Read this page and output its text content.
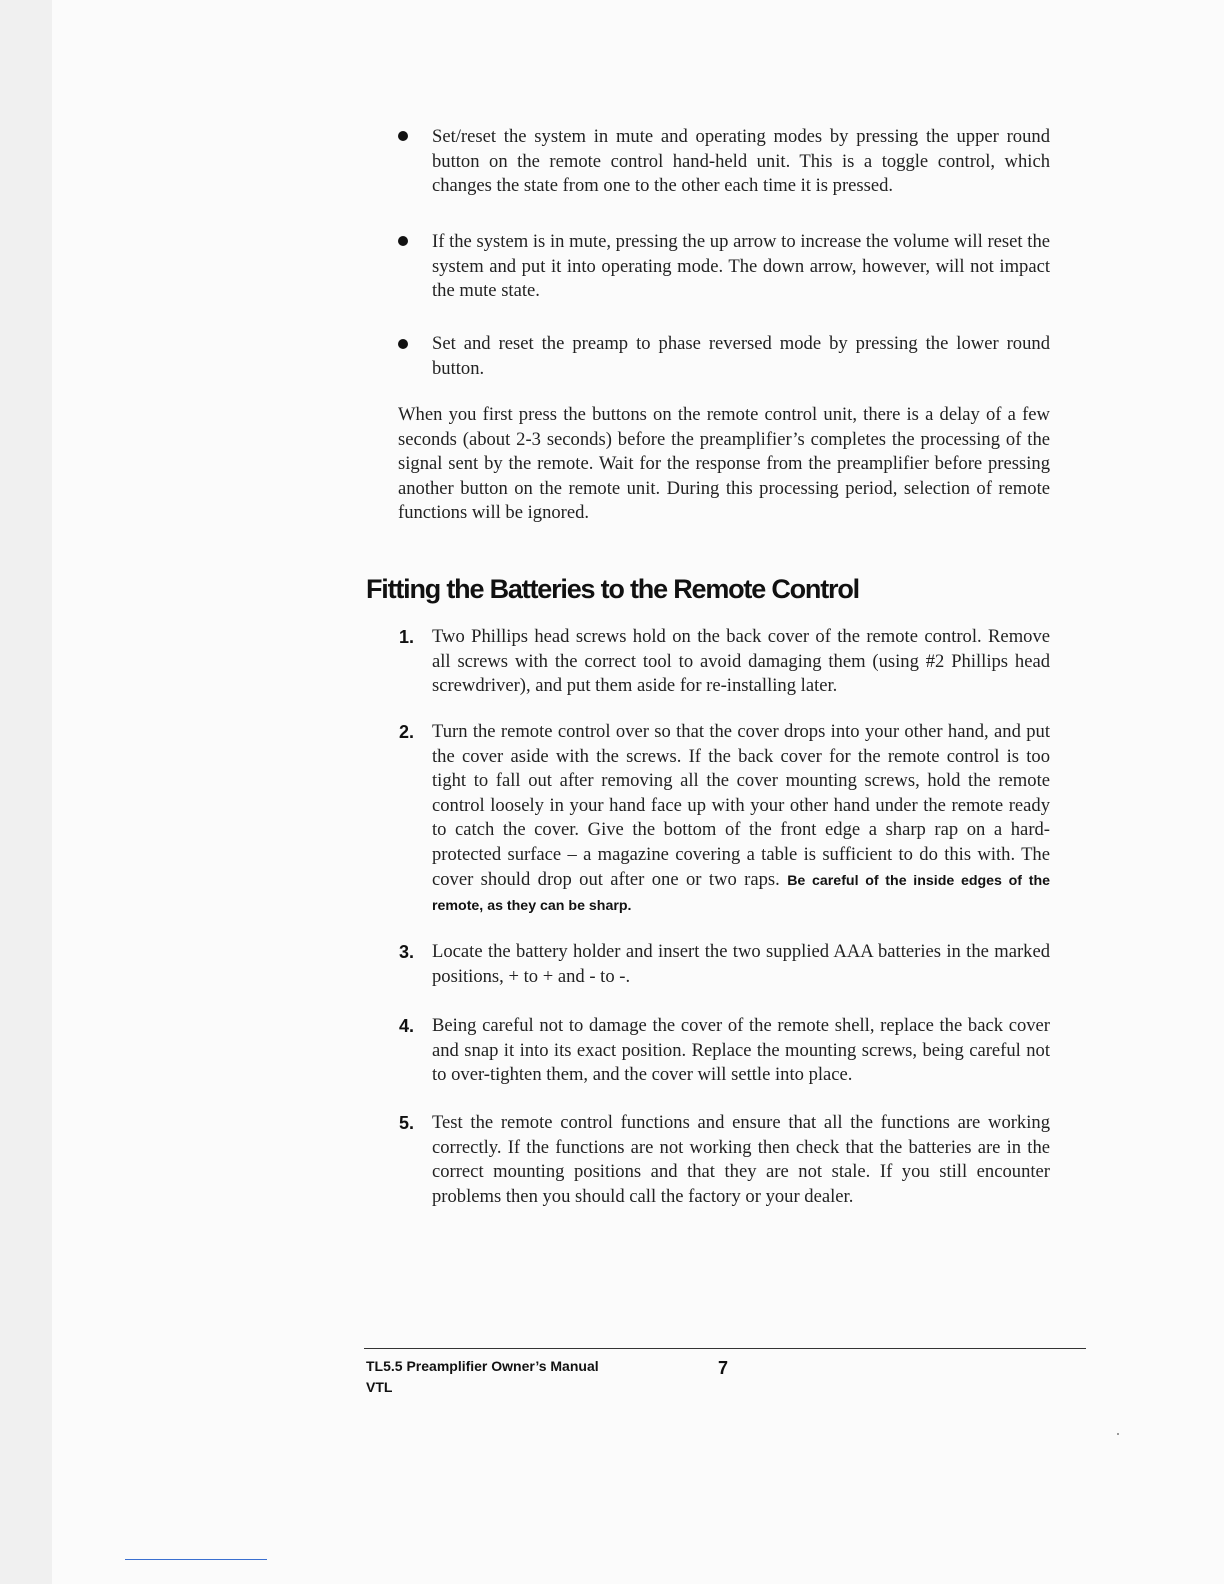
Set/reset the system in mute and operating modes by pressing the upper round button on the remote control hand-held unit. This is a toggle control, which changes the state from one to the other each time it is pressed.
If the system is in mute, pressing the up arrow to increase the volume will reset the system and put it into operating mode. The down arrow, however, will not impact the mute state.
Set and reset the preamp to phase reversed mode by pressing the lower round button.
When you first press the buttons on the remote control unit, there is a delay of a few seconds (about 2-3 seconds) before the preamplifier’s completes the processing of the signal sent by the remote. Wait for the response from the preamplifier before pressing another button on the remote unit. During this processing period, selection of remote functions will be ignored.
Fitting the Batteries to the Remote Control
1. Two Phillips head screws hold on the back cover of the remote control. Remove all screws with the correct tool to avoid damaging them (using #2 Phillips head screwdriver), and put them aside for re-installing later.
2. Turn the remote control over so that the cover drops into your other hand, and put the cover aside with the screws. If the back cover for the remote control is too tight to fall out after removing all the cover mounting screws, hold the remote control loosely in your hand face up with your other hand under the remote ready to catch the cover. Give the bottom of the front edge a sharp rap on a hard-protected surface – a magazine covering a table is sufficient to do this with. The cover should drop out after one or two raps. Be careful of the inside edges of the remote, as they can be sharp.
3. Locate the battery holder and insert the two supplied AAA batteries in the marked positions, + to + and - to -.
4. Being careful not to damage the cover of the remote shell, replace the back cover and snap it into its exact position. Replace the mounting screws, being careful not to over-tighten them, and the cover will settle into place.
5. Test the remote control functions and ensure that all the functions are working correctly. If the functions are not working then check that the batteries are in the correct mounting positions and that they are not stale. If you still encounter problems then you should call the factory or your dealer.
TL5.5 Preamplifier Owner’s Manual
VTL
7
